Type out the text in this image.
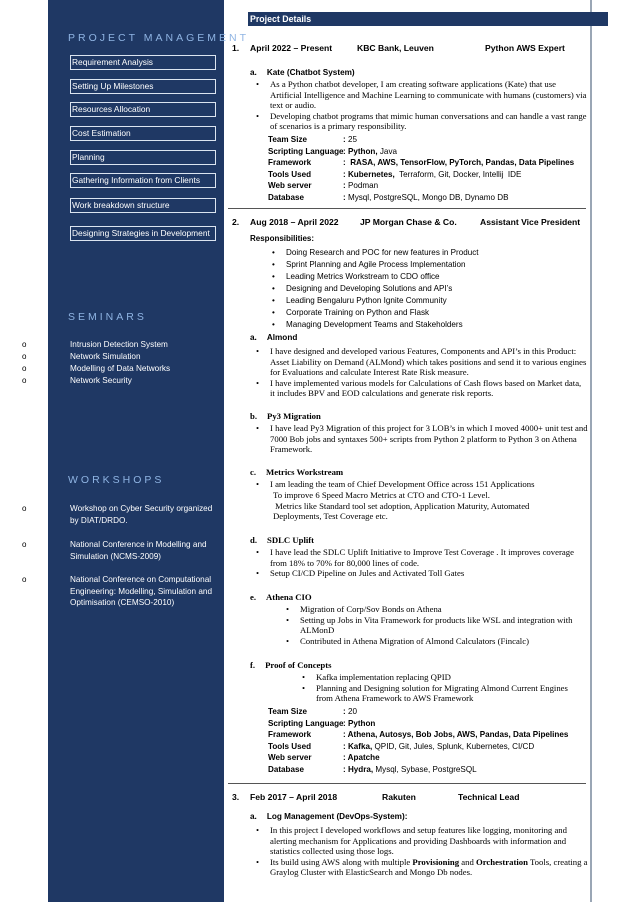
PROJECT MANAGEMENT
Requirement Analysis
Setting Up Milestones
Resources Allocation
Cost Estimation
Planning
Gathering Information from Clients
Work breakdown structure
Designing Strategies in Development
SEMINARS
o	Intrusion Detection System
o	Network Simulation
o	Modelling of Data Networks
o	Network Security
WORKSHOPS
o	Workshop on Cyber Security organized by DIAT/DRDO.
o	National Conference in Modelling and Simulation (NCMS-2009)
o	National Conference on Computational Engineering: Modelling, Simulation and Optimisation (CEMSO-2010)
Project Details
1. April 2022 – Present	KBC Bank, Leuven	Python AWS Expert
a. Kate (Chatbot System)
• As a Python chatbot developer, I am creating software applications (Kate) that use Artificial Intelligence and Machine Learning to communicate with humans (customers) via text or audio.
• Developing chatbot programs that mimic human conversations and can handle a vast range of scenarios is a primary responsibility.
Team Size	: 25
Scripting Language: Python, Java
Framework	:  RASA, AWS, TensorFlow, PyTorch, Pandas, Data Pipelines
Tools Used	: Kubernetes,  Terraform, Git, Docker, Intellij  IDE
Web server	: Podman
Database	: Mysql, PostgreSQL, Mongo DB, Dynamo DB
2. Aug 2018 – April 2022 JP Morgan Chase & Co.	Assistant Vice President
Responsibilities:
• Doing Research and POC for new features in Product
• Sprint Planning and Agile Process Implementation
• Leading Metrics Workstream to CDO office
• Designing and Developing Solutions and API’s
• Leading Bengaluru Python Ignite Community
• Corporate Training on Python and Flask
• Managing Development Teams and Stakeholders
a. Almond
• I have designed and developed various Features, Components and API’s in this Product: Asset Liability on Demand (ALMond) which takes positions and send it to various engines for Evaluations and calculate Interest Rate Risk measure.
• I have implemented various models for Calculations of Cash flows based on Market data, it includes BPV and EOD calculations and generate risk reports.
b. Py3 Migration
• I have lead Py3 Migration of this project for 3 LOB’s in which I moved 4000+ unit test and 7000 Bob jobs and syntaxes 500+ scripts from Python 2 platform to Python 3 on Athena Framework.
c. Metrics Workstream
• I am leading the team of Chief Development Office across 151 Applications
To improve 6 Speed Macro Metrics at CTO and CTO-1 Level.
Metrics like Standard tool set adoption, Application Maturity, Automated
Deployments, Test Coverage etc.
d. SDLC Uplift
• I have lead the SDLC Uplift Initiative to Improve Test Coverage . It improves coverage from 18% to 70% for 80,000 lines of code.
• Setup CI/CD Pipeline on Jules and Activated Toll Gates
e. Athena CIO
• Migration of Corp/Sov Bonds on Athena
• Setting up Jobs in Vita Framework for products like WSL and integration with ALMonD
• Contributed in Athena Migration of Almond Calculators (Fincalc)
f. Proof of Concepts
• Kafka implementation replacing QPID
• Planning and Designing solution for Migrating Almond Current Engines from Athena Framework to AWS Framework
Team Size	: 20
Scripting Language: Python
Framework	: Athena, Autosys, Bob Jobs, AWS, Pandas, Data Pipelines
Tools Used	: Kafka, QPID, Git, Jules, Splunk, Kubernetes, CI/CD
Web server	: Apatche
Database	: Hydra, Mysql, Sybase, PostgreSQL
3. Feb 2017 – April 2018	Rakuten	Technical Lead
a. Log Management (DevOps-System):
• In this project I developed workflows and setup features like logging, monitoring and alerting mechanism for Applications and providing Dashboards with information and statistics collected using those logs.
• Its build using AWS along with multiple Provisioning and Orchestration Tools, creating a Graylog Cluster with ElasticSearch and Mongo Db nodes.
